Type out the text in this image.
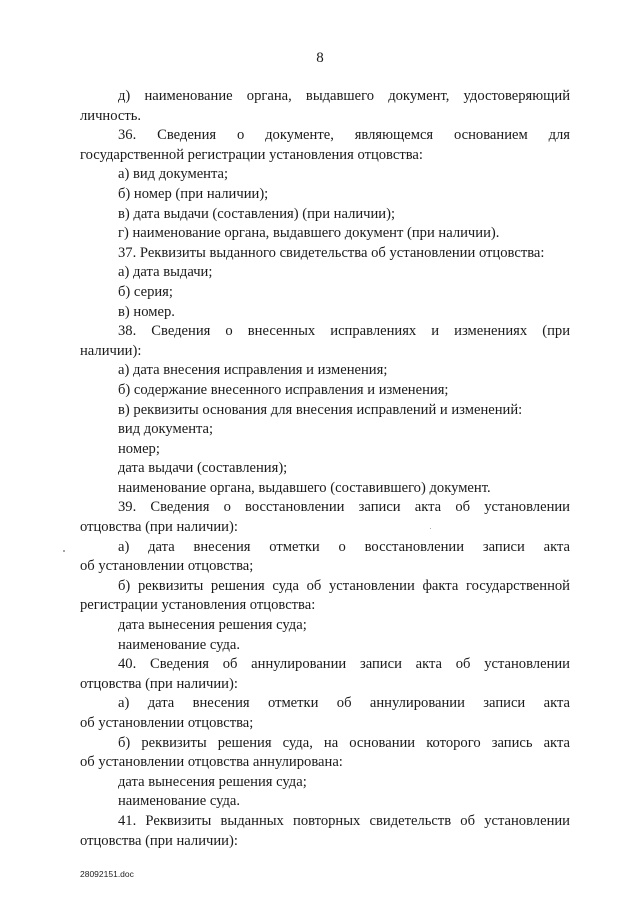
8
д) наименование органа, выдавшего документ, удостоверяющий
личность.
36. Сведения о документе, являющемся основанием для
государственной регистрации установления отцовства:
а) вид документа;
б) номер (при наличии);
в) дата выдачи (составления) (при наличии);
г) наименование органа, выдавшего документ (при наличии).
37. Реквизиты выданного свидетельства об установлении отцовства:
а) дата выдачи;
б) серия;
в) номер.
38. Сведения о внесенных исправлениях и изменениях (при
наличии):
а) дата внесения исправления и изменения;
б) содержание внесенного исправления и изменения;
в) реквизиты основания для внесения исправлений и изменений:
вид документа;
номер;
дата выдачи (составления);
наименование органа, выдавшего (составившего) документ.
39. Сведения о восстановлении записи акта об установлении
отцовства (при наличии):
а) дата внесения отметки о восстановлении записи акта
об установлении отцовства;
б) реквизиты решения суда об установлении факта государственной
регистрации установления отцовства:
дата вынесения решения суда;
наименование суда.
40. Сведения об аннулировании записи акта об установлении
отцовства (при наличии):
а) дата внесения отметки об аннулировании записи акта
об установлении отцовства;
б) реквизиты решения суда, на основании которого запись акта
об установлении отцовства аннулирована:
дата вынесения решения суда;
наименование суда.
41. Реквизиты выданных повторных свидетельств об установлении
отцовства (при наличии):
28092151.doc
